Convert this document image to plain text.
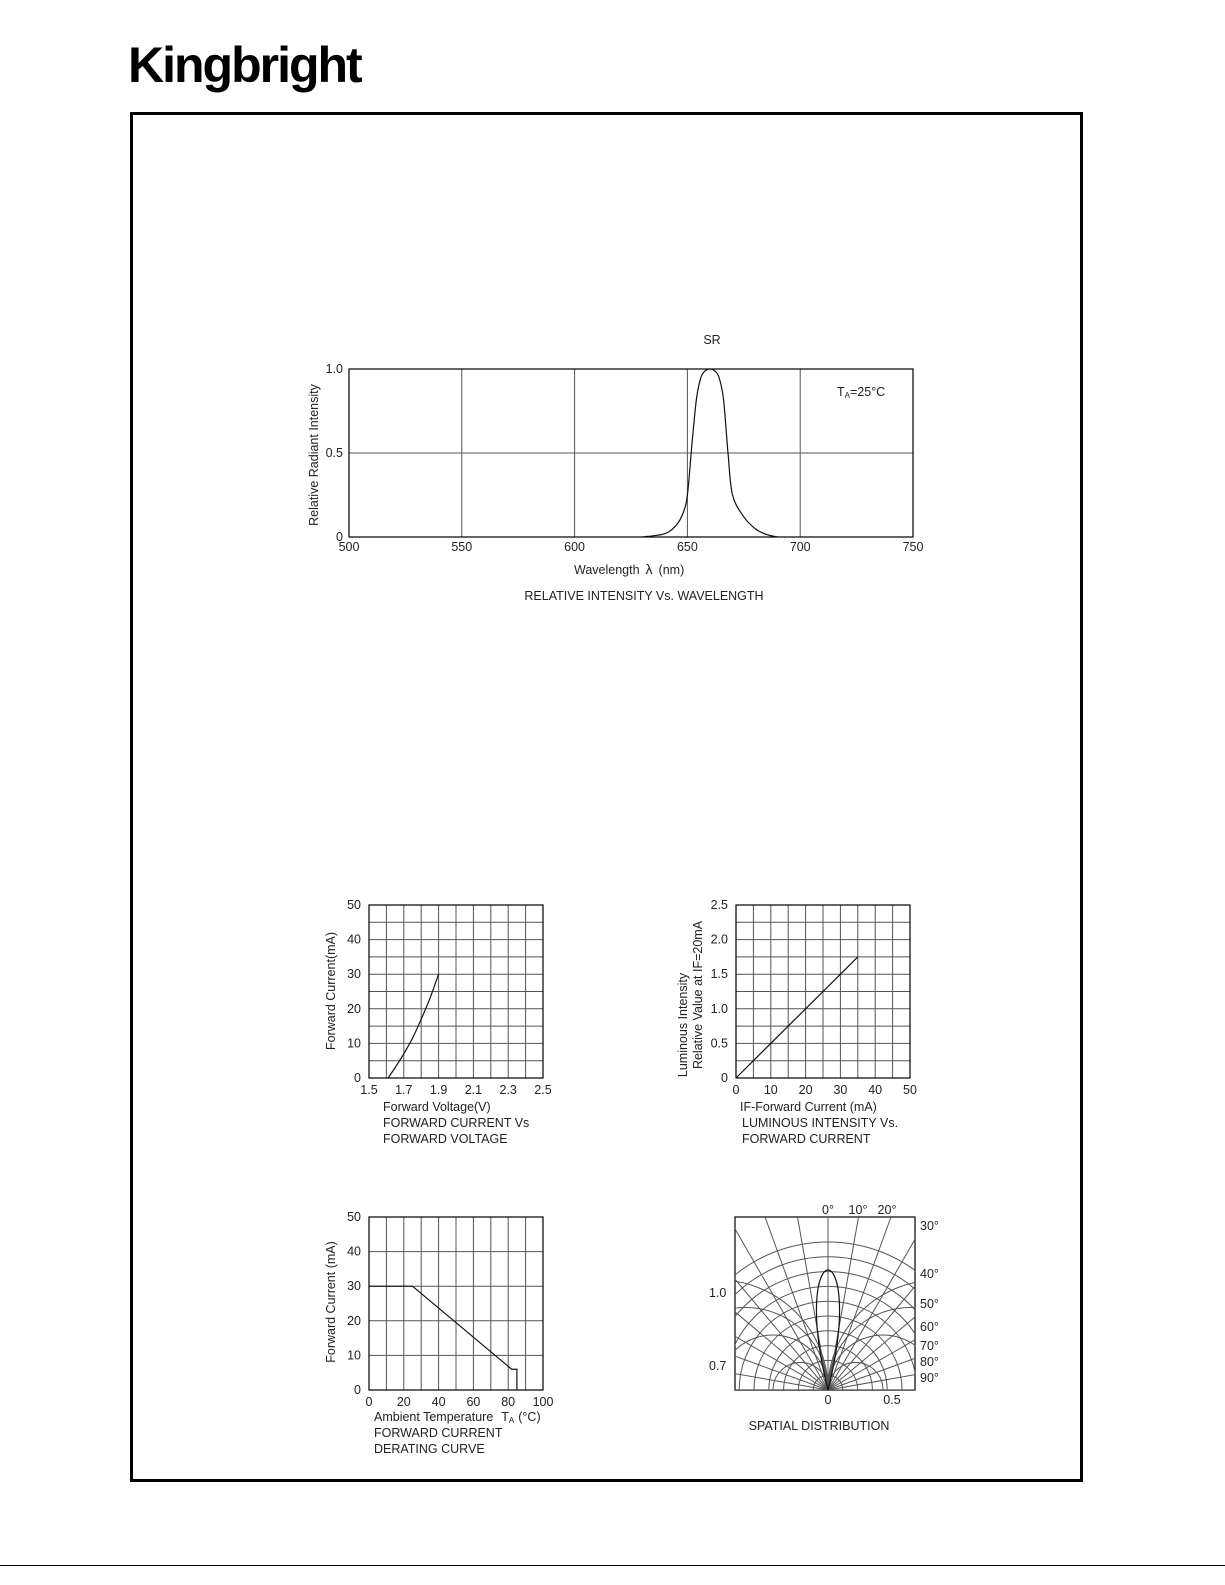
Kingbright
500	550	600	650	700	750
0
0.5
1.0
SR
TA=25°C
Wavelength λ (nm)
Relative Radiant Intensity
RELATIVE INTENSITY Vs. WAVELENGTH
1.5 1.7 1.9 2.1 2.3 2.5
0
10
20
30
40
50
Forward Voltage(V)
FORWARD CURRENT Vs
FORWARD VOLTAGE
Forward Current(mA)
0 10 20 30 40 50
0
0.5
1.0
1.5
2.0
2.5
IF-Forward Current (mA)
LUMINOUS INTENSITY Vs.
FORWARD CURRENT
Luminous Intensity Relative Value at IF=20mA
0 20 40 60 80 100
0
10
20
30
40
50
Ambient Temperature TA (°C)
FORWARD CURRENT
DERATING CURVE
Forward Current (mA)
0° 10° 20°
30°
40°
50°
60°
70°
80°
90°
1.0
0.7
0	0.5
SPATIAL DISTRIBUTION
